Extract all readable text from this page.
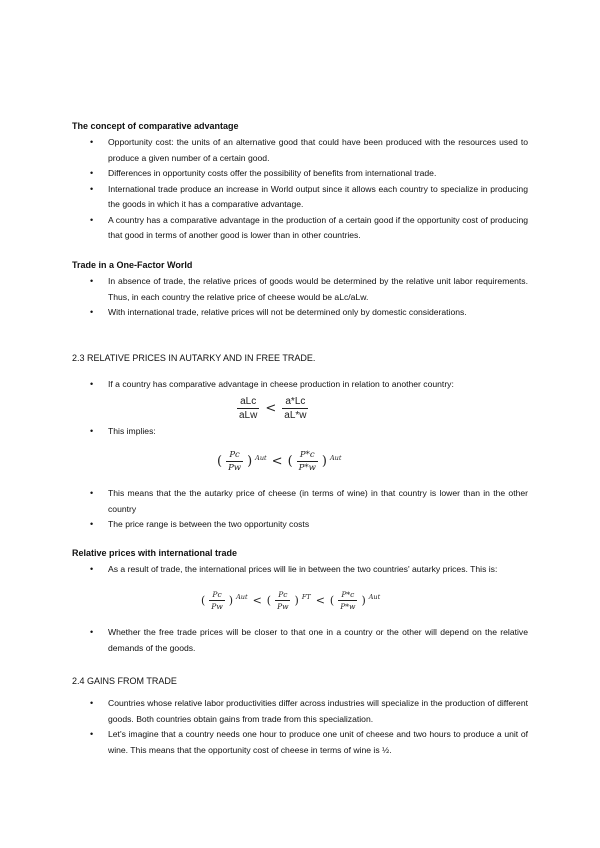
The concept of comparative advantage
• Opportunity cost: the units of an alternative good that could have been produced with the resources used to produce a given number of a certain good.
• Differences in opportunity costs offer the possibility of benefits from international trade.
• International trade produce an increase in World output since it allows each country to specialize in producing the goods in which it has a comparative advantage.
• A country has a comparative advantage in the production of a certain good if the opportunity cost of producing that good in terms of another good is lower than in other countries.
Trade in a One-Factor World
• In absence of trade, the relative prices of goods would be determined by the relative unit labor requirements. Thus, in each country the relative price of cheese would be aLc/aLw.
• With international trade, relative prices will not be determined only by domestic considerations.
2.3 RELATIVE PRICES IN AUTARKY AND IN FREE TRADE.
• If a country has comparative advantage in cheese production in relation to another country:
$\frac{\text{aLc}}{\text{aLw}} < \frac{a*Lc}{aL*w}$
• This implies:
( $\frac{Pc}{Pw}$ ) Aut < ( $\frac{P*c}{P*w}$ ) Aut
• This means that the the autarky price of cheese (in terms of wine) in that country is lower than in the other country
• The price range is between the two opportunity costs
Relative prices with international trade
• As a result of trade, the international prices will lie in between the two countries' autarky prices. This is:
( $\frac{Pc}{Pw}$ ) Aut < ( $\frac{Pc}{Pw}$ ) FT < ( $\frac{P*c}{P*w}$ ) Aut
• Whether the free trade prices will be closer to that one in a country or the other will depend on the relative demands of the goods.
2.4 GAINS FROM TRADE
• Countries whose relative labor productivities differ across industries will specialize in the production of different goods. Both countries obtain gains from trade from this specialization.
• Let's imagine that a country needs one hour to produce one unit of cheese and two hours to produce a unit of wine. This means that the opportunity cost of cheese in terms of wine is ½.
